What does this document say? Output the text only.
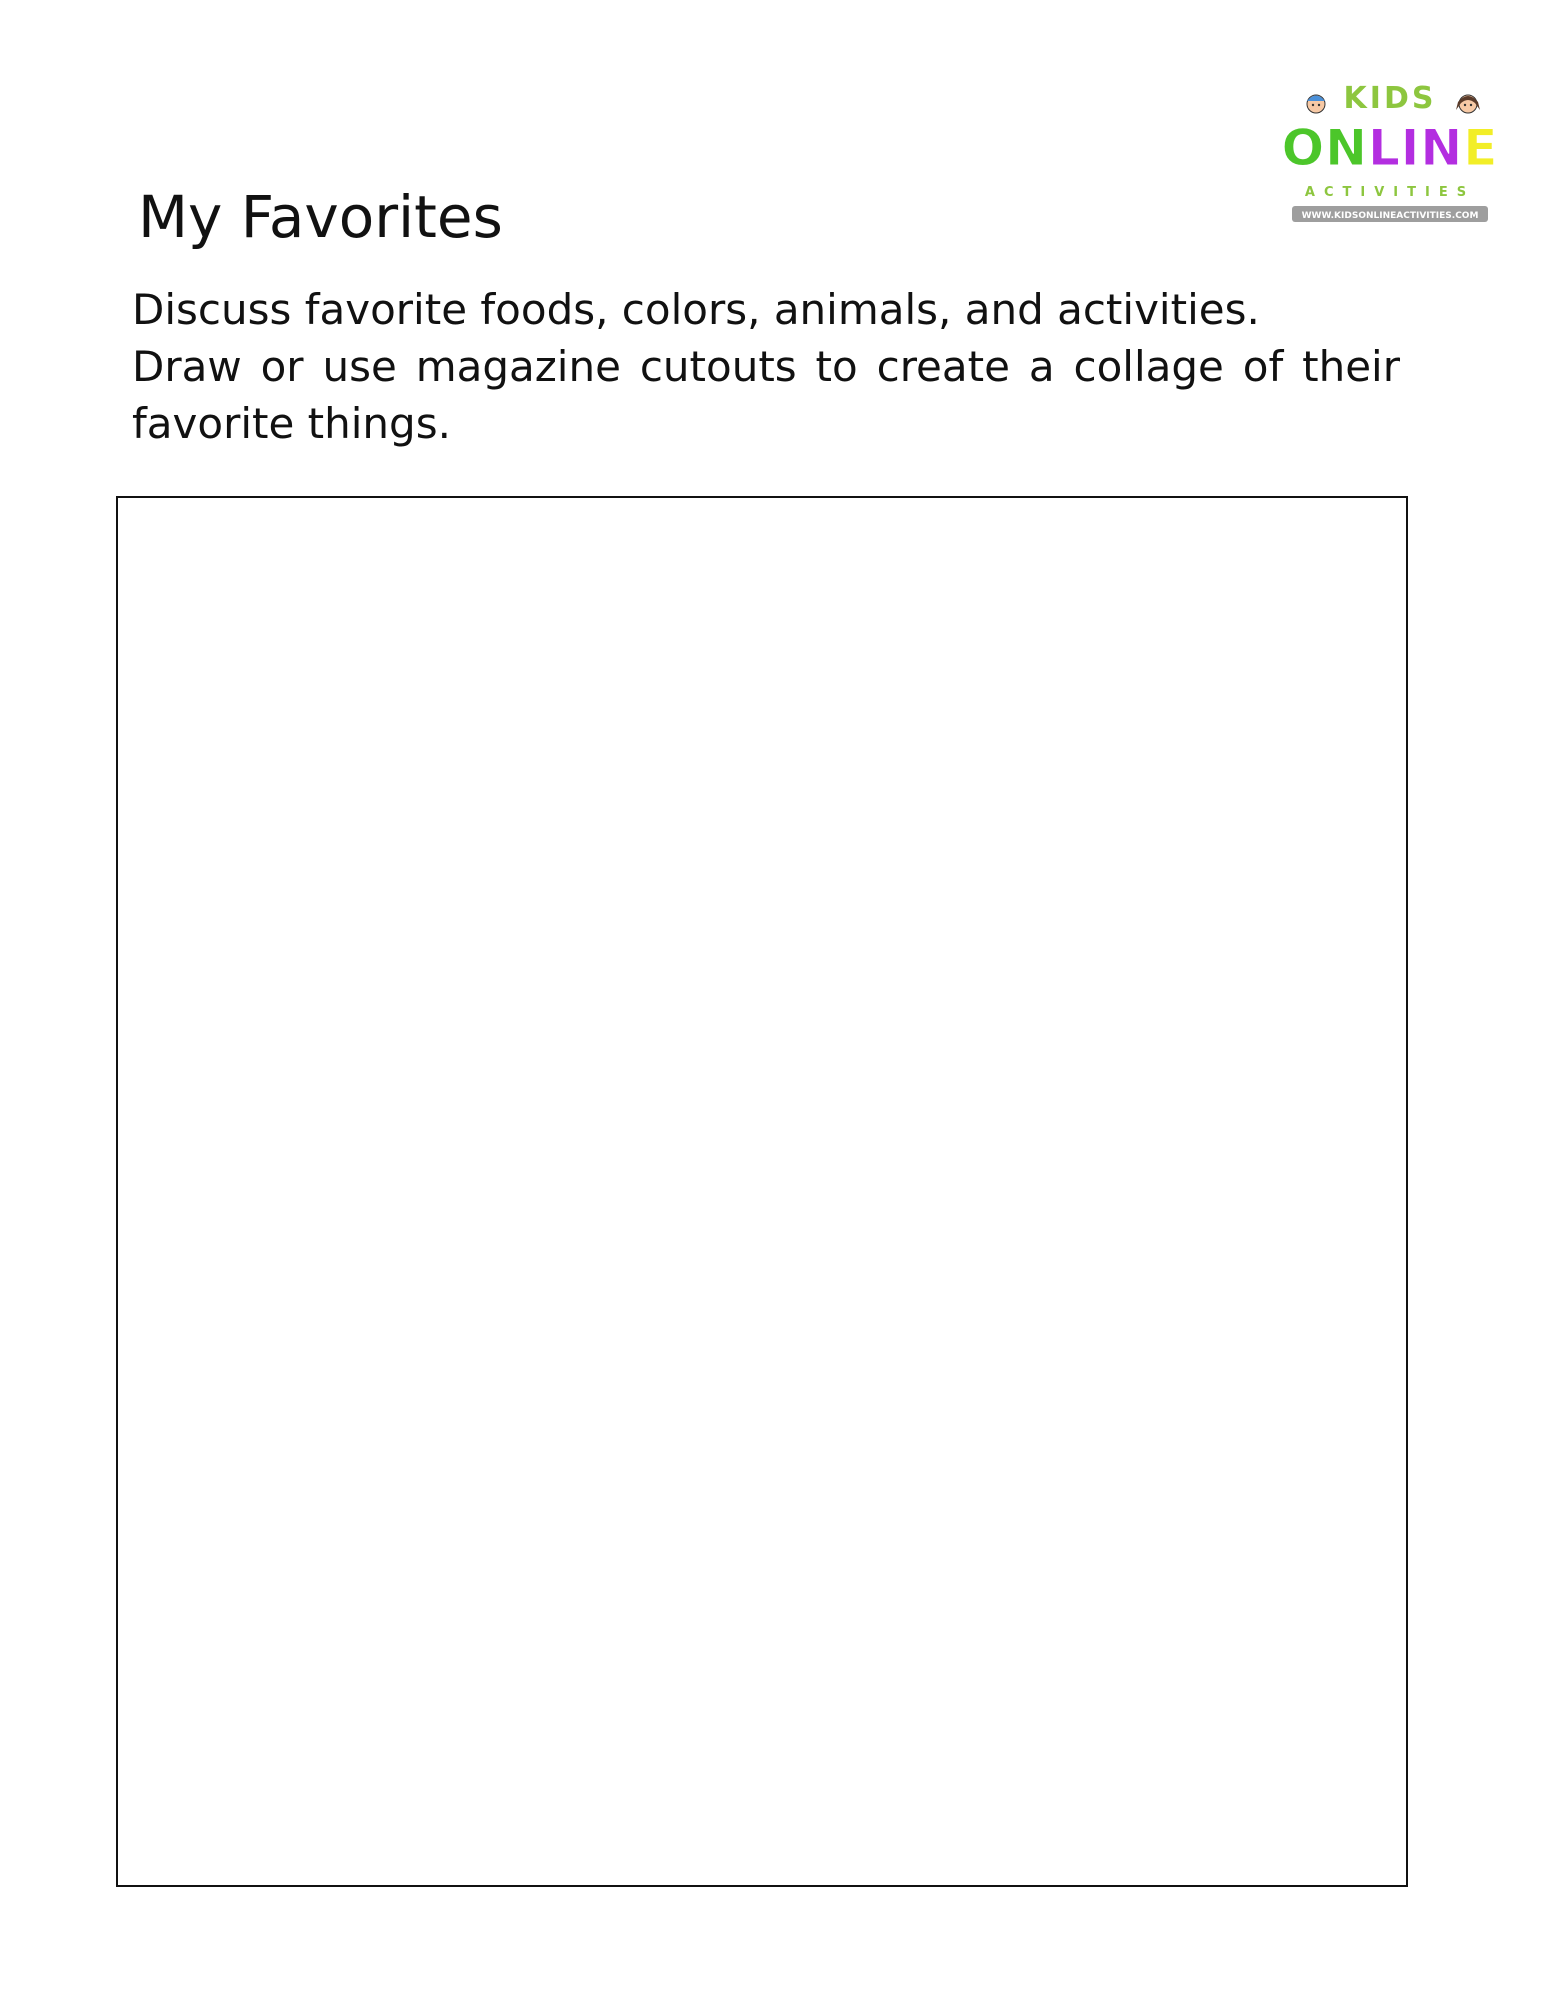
My Favorites

Discuss favorite foods, colors, animals, and activities.
Draw or use magazine cutouts to create a collage of their favorite things.

KIDS
ONLINE
ACTIVITIES
WWW.KIDSONLINEACTIVITIES.COM
